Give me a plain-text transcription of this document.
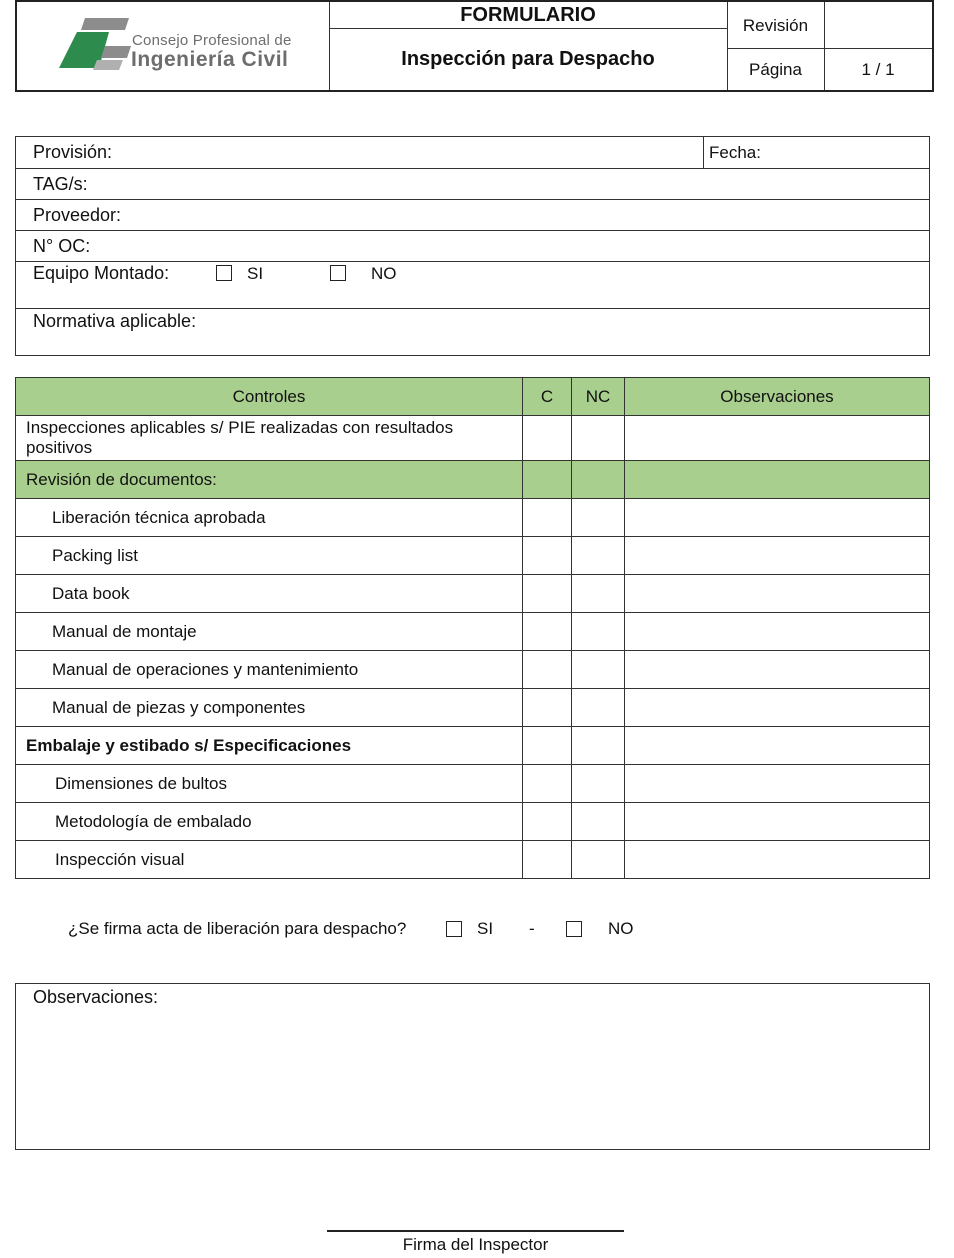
Consejo Profesional de
Ingeniería Civil
FORMULARIO
Inspección para Despacho
Revisión
Página	1 / 1
Provisión:	Fecha:
TAG/s:
Proveedor:
N° OC:
Equipo Montado:	SI	NO
Normativa aplicable:
Controles	C	NC	Observaciones
Inspecciones aplicables s/ PIE realizadas con resultados positivos			
Revisión de documentos:			
Liberación técnica aprobada			
Packing list			
Data book			
Manual de montaje			
Manual de operaciones y mantenimiento			
Manual de piezas y componentes			
Embalaje y estibado s/ Especificaciones			
Dimensiones de bultos			
Metodología de embalado			
Inspección visual			
¿Se firma acta de liberación para despacho?	SI -	NO
Observaciones:
Firma del Inspector
